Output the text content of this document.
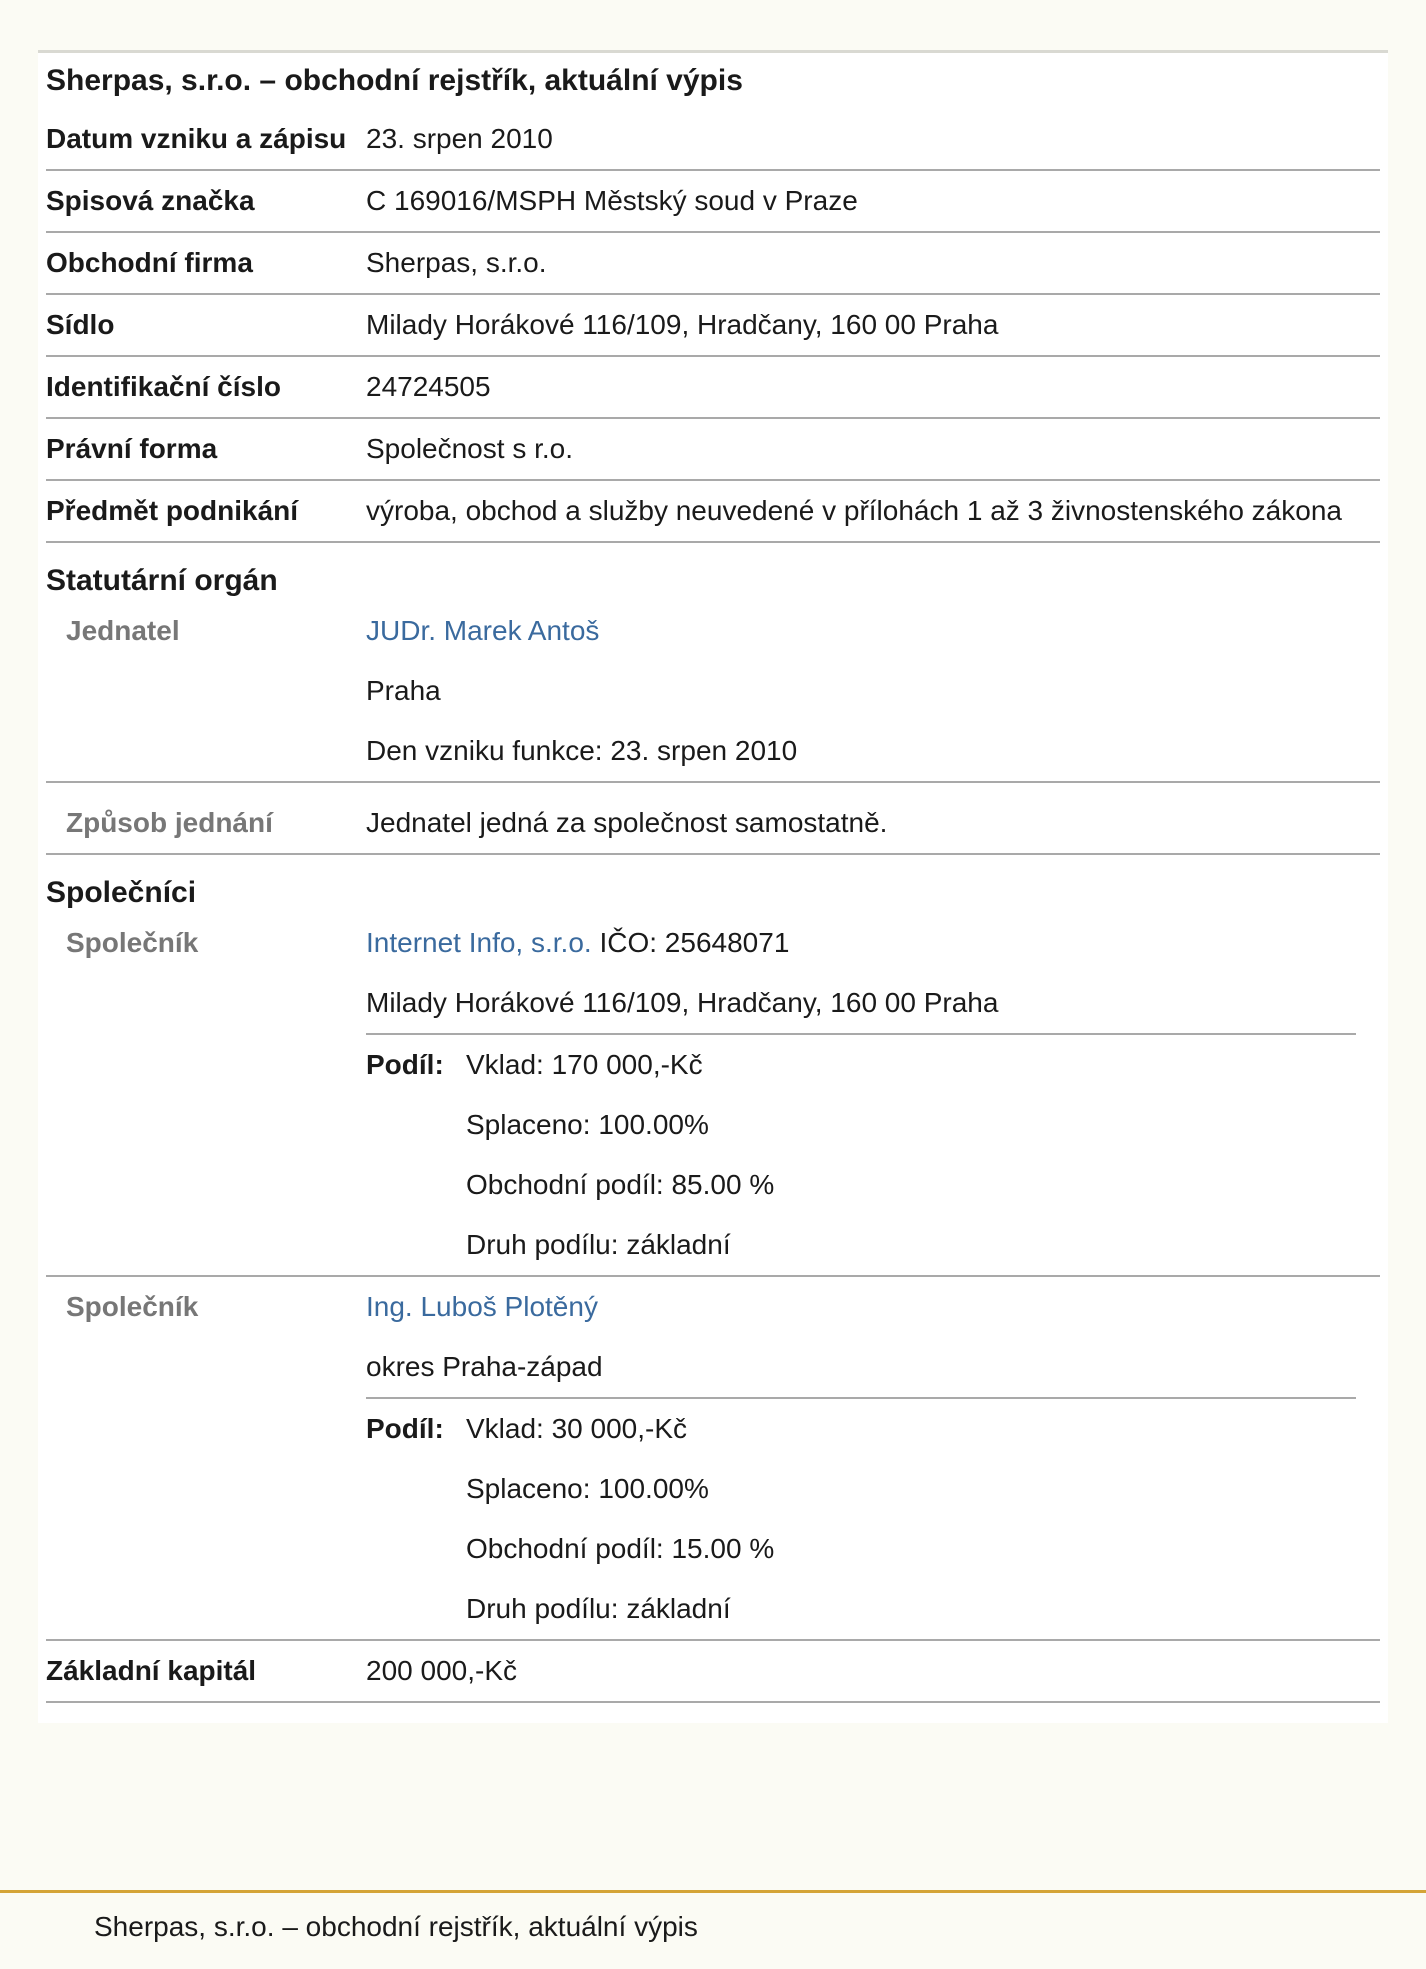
Sherpas, s.r.o. – obchodní rejstřík, aktuální výpis
Datum vzniku a zápisu 23. srpen 2010
Spisová značka	C 169016/MSPH Městský soud v Praze
Obchodní firma	Sherpas, s.r.o.
Sídlo	Milady Horákové 116/109, Hradčany, 160 00 Praha
Identifikační číslo	24724505
Právní forma	Společnost s r.o.
Předmět podnikání	výroba, obchod a služby neuvedené v přílohách 1 až 3 živnostenského zákona
Statutární orgán
Jednatel	JUDr. Marek Antoš
Praha
Den vzniku funkce: 23. srpen 2010
Způsob jednání	Jednatel jedná za společnost samostatně.
Společníci
Společník	Internet Info, s.r.o. IČO: 25648071
Milady Horákové 116/109, Hradčany, 160 00 Praha
Podíl: Vklad: 170 000,-Kč
Splaceno: 100.00%
Obchodní podíl: 85.00 %
Druh podílu: základní
Společník	Ing. Luboš Plotěný
okres Praha-západ
Podíl: Vklad: 30 000,-Kč
Splaceno: 100.00%
Obchodní podíl: 15.00 %
Druh podílu: základní
Základní kapitál	200 000,-Kč
Sherpas, s.r.o. – obchodní rejstřík, aktuální výpis
